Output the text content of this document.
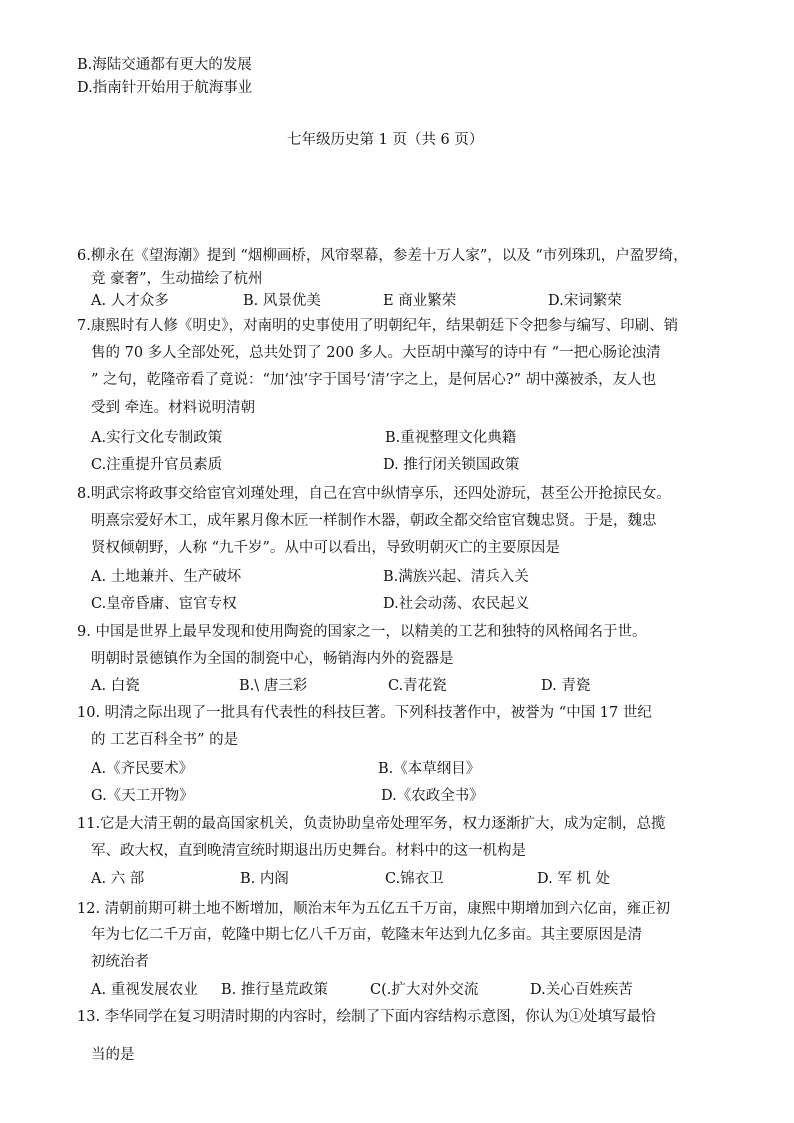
B.海陆交通都有更大的发展
D.指南针开始用于航海事业
七年级历史第 1 页（共 6 页）
6.柳永在《望海潮》提到 “烟柳画桥，风帘翠幕，参差十万人家”，以及 “市列珠玑，户盈罗绮，
竞 豪奢”，生动描绘了杭州
A. 人才众多	B. 风景优美	E 商业繁荣	D.宋词繁荣
7.康熙时有人修《明史》，对南明的史事使用了明朝纪年，结果朝廷下令把参与编写、印刷、销
售的 70 多人全部处死，总共处罚了 200 多人。大臣胡中藻写的诗中有 “一把心肠论浊清
” 之句，乾隆帝看了竟说：“加‘浊’字于国号‘清’字之上，是何居心?” 胡中藻被杀，友人也
受到 牵连。材料说明清朝
A.实行文化专制政策	B.重视整理文化典籍
C.注重提升官员素质	D. 推行闭关锁国政策
8.明武宗将政事交给宦官刘瑾处理，自己在宫中纵情享乐，还四处游玩，甚至公开抢掠民女。
明熹宗爱好木工，成年累月像木匠一样制作木器，朝政全都交给宦官魏忠贤。于是，魏忠
贤权倾朝野，人称 “九千岁”。从中可以看出，导致明朝灭亡的主要原因是
A. 土地兼并、生产破坏	B.满族兴起、清兵入关
C.皇帝昏庸、宦官专权	D.社会动荡、农民起义
9. 中国是世界上最早发现和使用陶瓷的国家之一，以精美的工艺和独特的风格闻名于世。
明朝时景德镇作为全国的制瓷中心，畅销海内外的瓷器是
A. 白瓷	B.\ 唐三彩	C.青花瓷	D. 青瓷
10. 明清之际出现了一批具有代表性的科技巨著。下列科技著作中，被誉为 “中国 17 世纪
的 工艺百科全书” 的是
A.《齐民要术》	B.《本草纲目》
G.《天工开物》	D.《农政全书》
11.它是大清王朝的最高国家机关，负责协助皇帝处理军务，权力逐渐扩大，成为定制，总揽
军、政大权，直到晚清宣统时期退出历史舞台。材料中的这一机构是
A. 六 部	B. 内阁	C.锦衣卫	D. 军 机 处
12. 清朝前期可耕土地不断增加，顺治末年为五亿五千万亩，康熙中期增加到六亿亩，雍正初
年为七亿二千万亩，乾隆中期七亿八千万亩，乾隆末年达到九亿多亩。其主要原因是清
初统治者
A. 重视发展农业 B. 推行垦荒政策	C(.扩大对外交流	D.关心百姓疾苦
13. 李华同学在复习明清时期的内容时，绘制了下面内容结构示意图，你认为①处填写最恰
当的是
